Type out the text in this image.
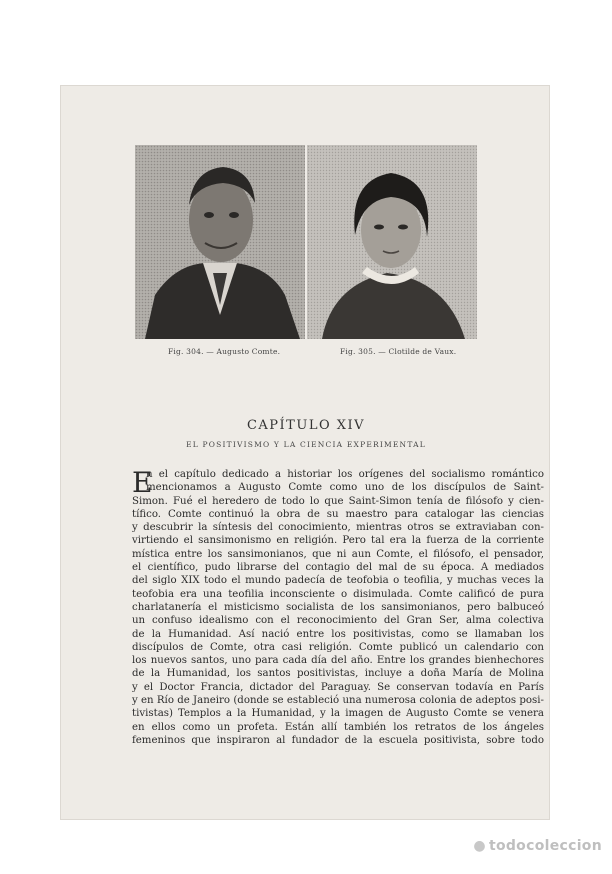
Fig. 304. — Augusto Comte.	Fig. 305. — Clotilde de Vaux.
CAPÍTULO XIV
EL POSITIVISMO Y LA CIENCIA EXPERIMENTAL
E
n el capítulo dedicado a historiar los orígenes del socialismo romántico
mencionamos a Augusto Comte como uno de los discípulos de Saint-
Simon. Fué el heredero de todo lo que Saint-Simon tenía de filósofo y cien-
tífico. Comte continuó la obra de su maestro para catalogar las ciencias
y descubrir la síntesis del conocimiento, mientras otros se extraviaban con-
virtiendo el sansimonismo en religión. Pero tal era la fuerza de la corriente
mística entre los sansimonianos, que ni aun Comte, el filósofo, el pensador,
el científico, pudo librarse del contagio del mal de su época. A mediados
del siglo XIX todo el mundo padecía de teofobia o teofilia, y muchas veces la
teofobia era una teofilia inconsciente o disimulada. Comte calificó de pura
charlatanería el misticismo socialista de los sansimonianos, pero balbuceó
un confuso idealismo con el reconocimiento del Gran Ser, alma colectiva
de la Humanidad. Así nació entre los positivistas, como se llamaban los
discípulos de Comte, otra casi religión. Comte publicó un calendario con
los nuevos santos, uno para cada día del año. Entre los grandes bienhechores
de la Humanidad, los santos positivistas, incluye a doña María de Molina
y el Doctor Francia, dictador del Paraguay. Se conservan todavía en París
y en Río de Janeiro (donde se estableció una numerosa colonia de adeptos posi-
tivistas) Templos a la Humanidad, y la imagen de Augusto Comte se venera
en ellos como un profeta. Están allí también los retratos de los ángeles
femeninos que inspiraron al fundador de la escuela positivista, sobre todo
● todocoleccion
